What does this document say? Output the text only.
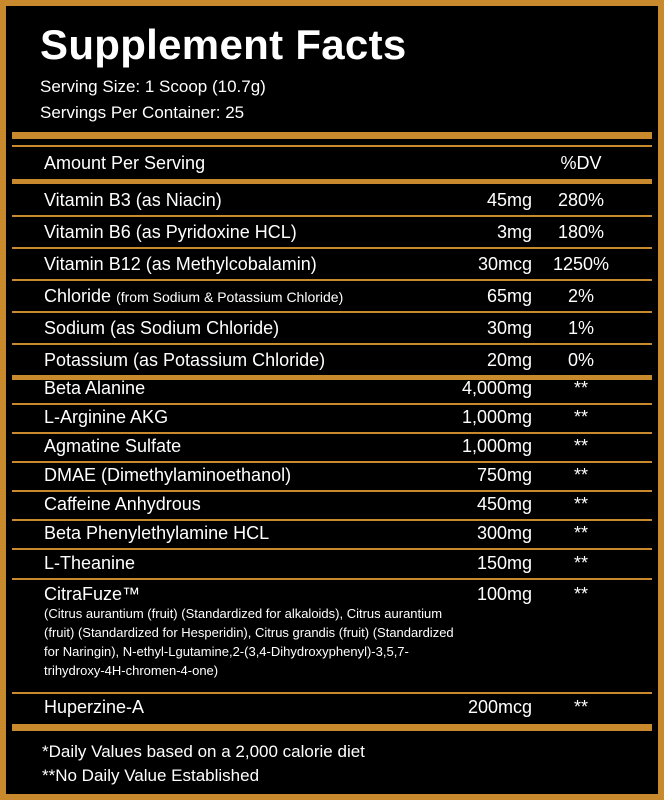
Supplement Facts
Serving Size: 1 Scoop (10.7g)
Servings Per Container: 25
Amount Per Serving	%DV
Vitamin B3 (as Niacin)	45mg	280%
Vitamin B6 (as Pyridoxine HCL)	3mg	180%
Vitamin B12 (as Methylcobalamin)	30mcg	1250%
Chloride (from Sodium & Potassium Chloride)	65mg	2%
Sodium (as Sodium Chloride)	30mg	1%
Potassium (as Potassium Chloride)	20mg	0%
Beta Alanine	4,000mg	**
L-Arginine AKG	1,000mg	**
Agmatine Sulfate	1,000mg	**
DMAE (Dimethylaminoethanol)	750mg	**
Caffeine Anhydrous	450mg	**
Beta Phenylethylamine HCL	300mg	**
L-Theanine	150mg	**
CitraFuze™	100mg	**
(Citrus aurantium (fruit) (Standardized for alkaloids), Citrus aurantium (fruit) (Standardized for Hesperidin), Citrus grandis (fruit) (Standardized for Naringin), N-ethyl-Lgutamine,2-(3,4-Dihydroxyphenyl)-3,5,7-trihydroxy-4H-chromen-4-one)
Huperzine-A	200mcg	**
*Daily Values based on a 2,000 calorie diet
**No Daily Value Established
